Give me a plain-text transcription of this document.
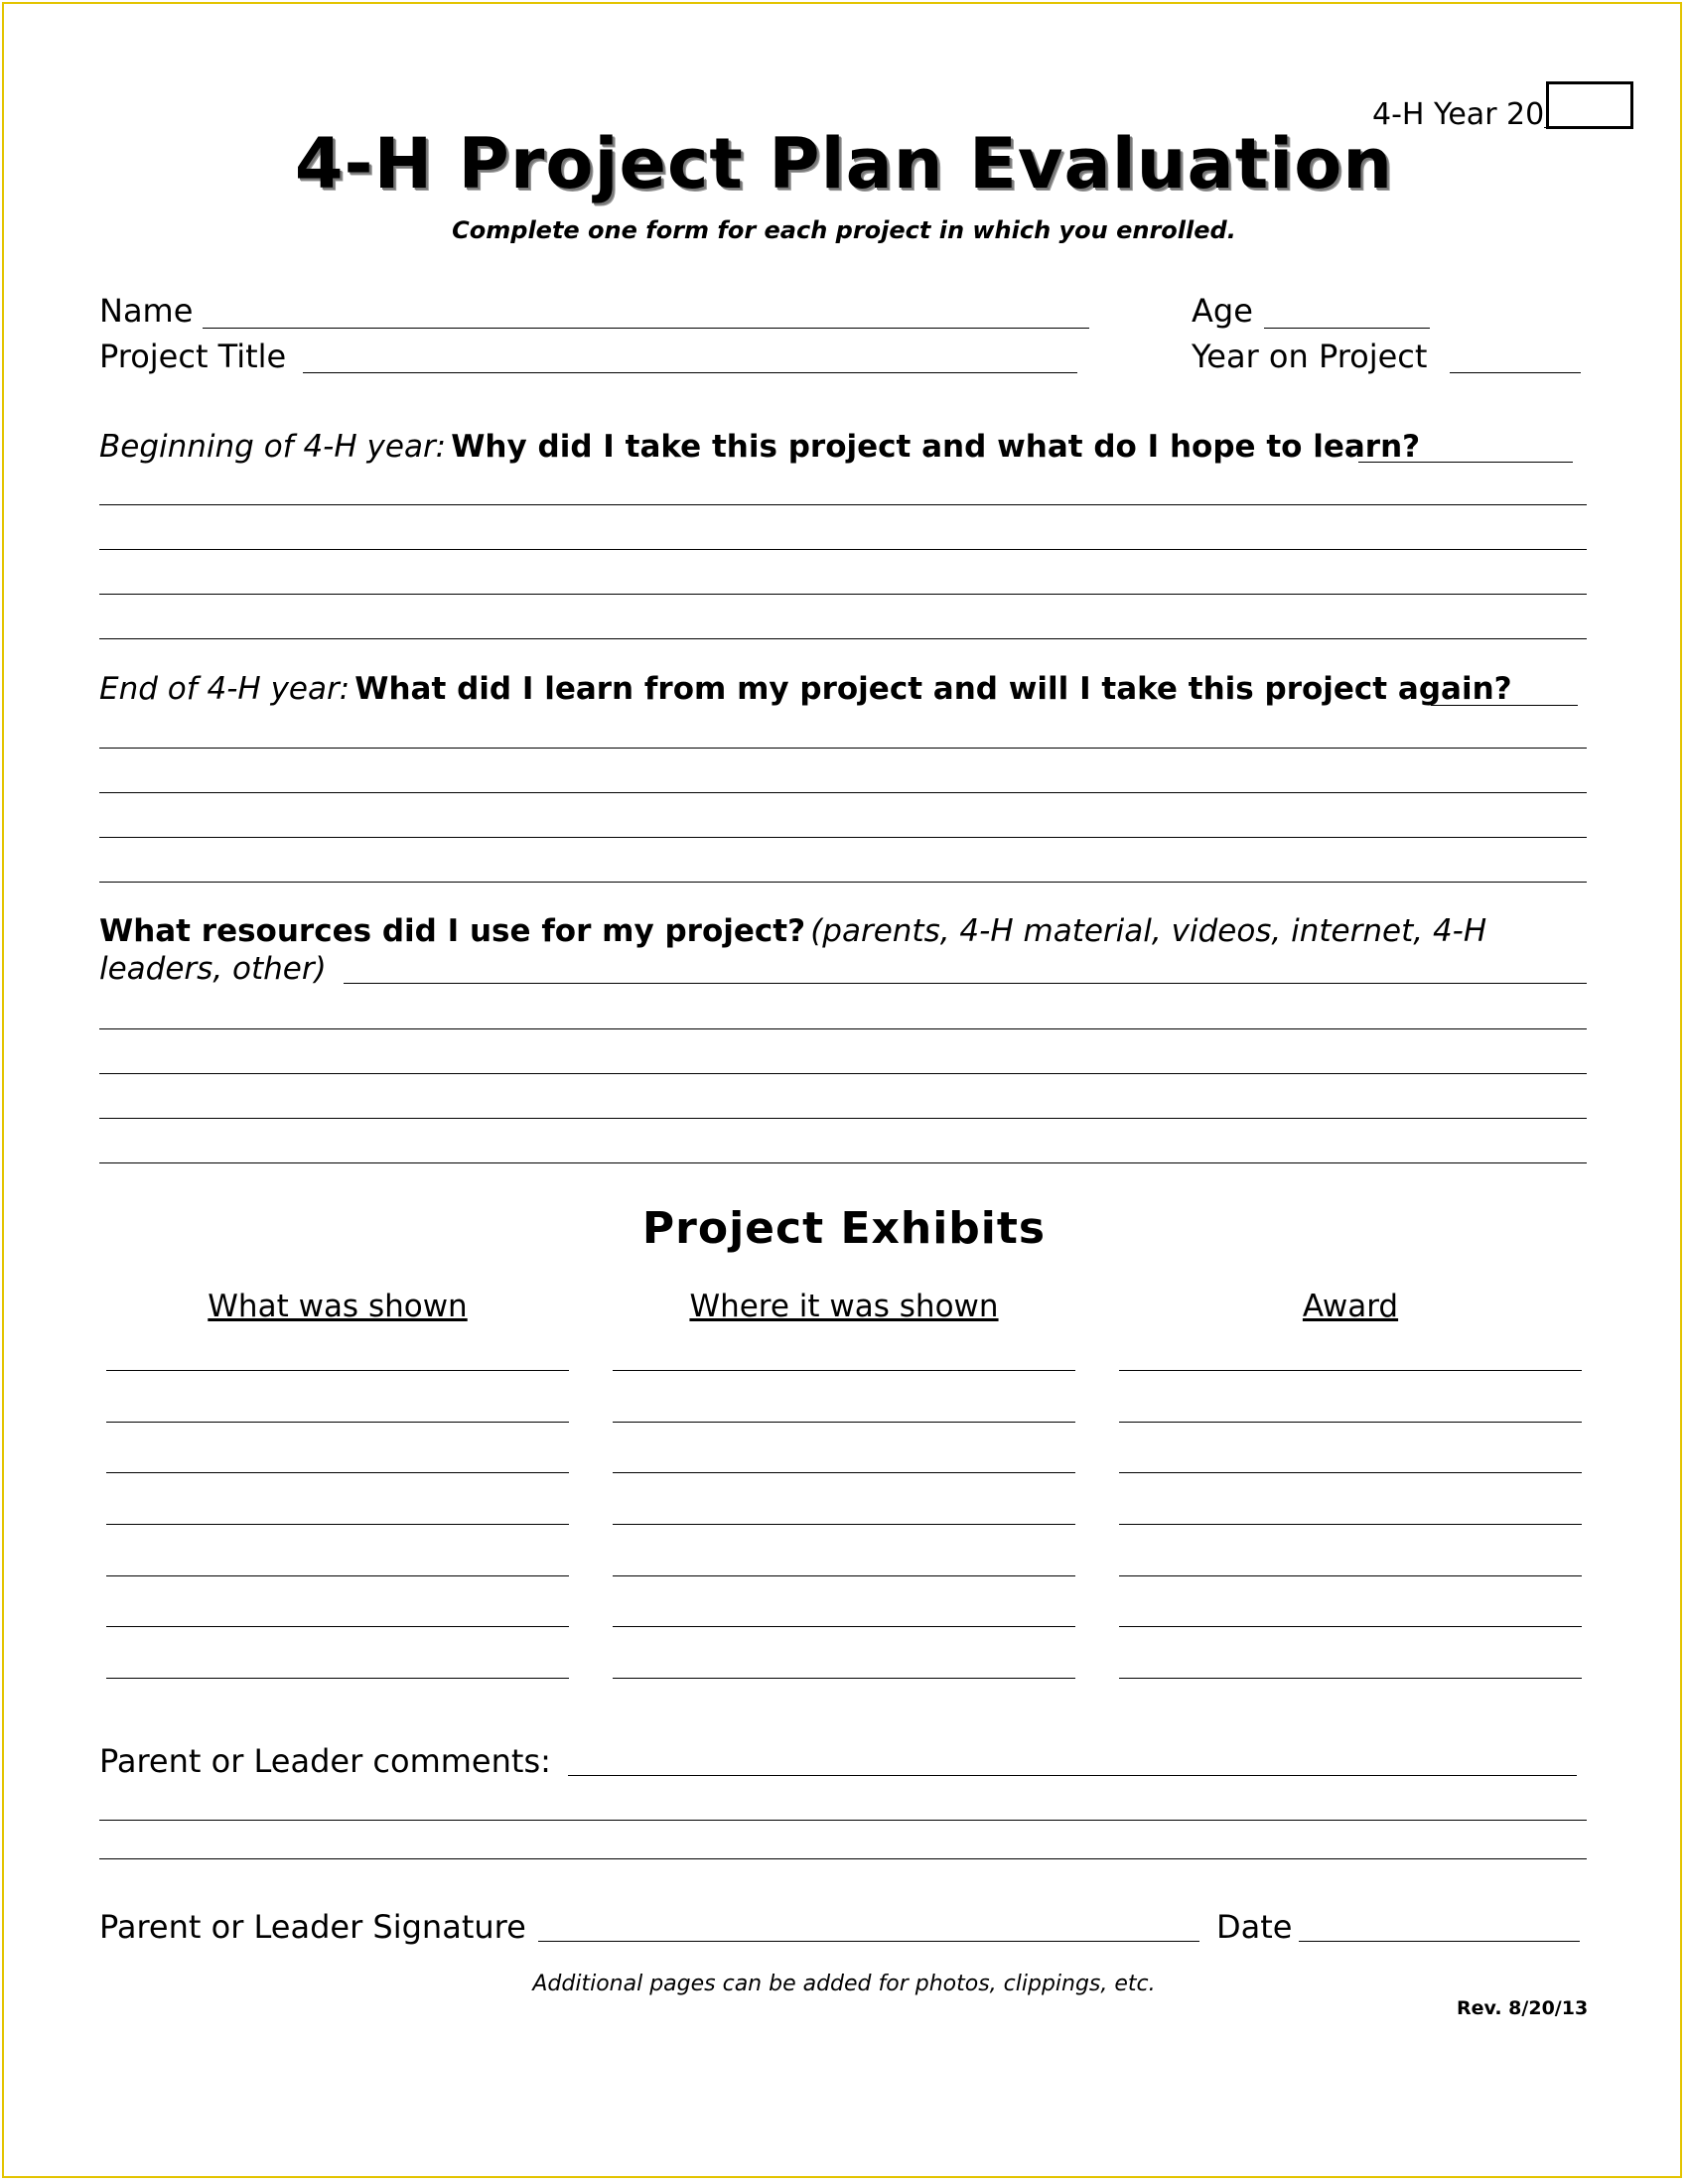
4-H Year 20
4-H Project Plan Evaluation
Complete one form for each project in which you enrolled.
Name	Age
Project Title	Year on Project
Beginning of 4-H year: Why did I take this project and what do I hope to learn?
End of 4-H year: What did I learn from my project and will I take this project again?
What resources did I use for my project? (parents, 4-H material, videos, internet, 4-H
leaders, other)
Project Exhibits
What was shown	Where it was shown	Award
Parent or Leader comments:
Parent or Leader Signature	Date
Additional pages can be added for photos, clippings, etc.
Rev. 8/20/13
